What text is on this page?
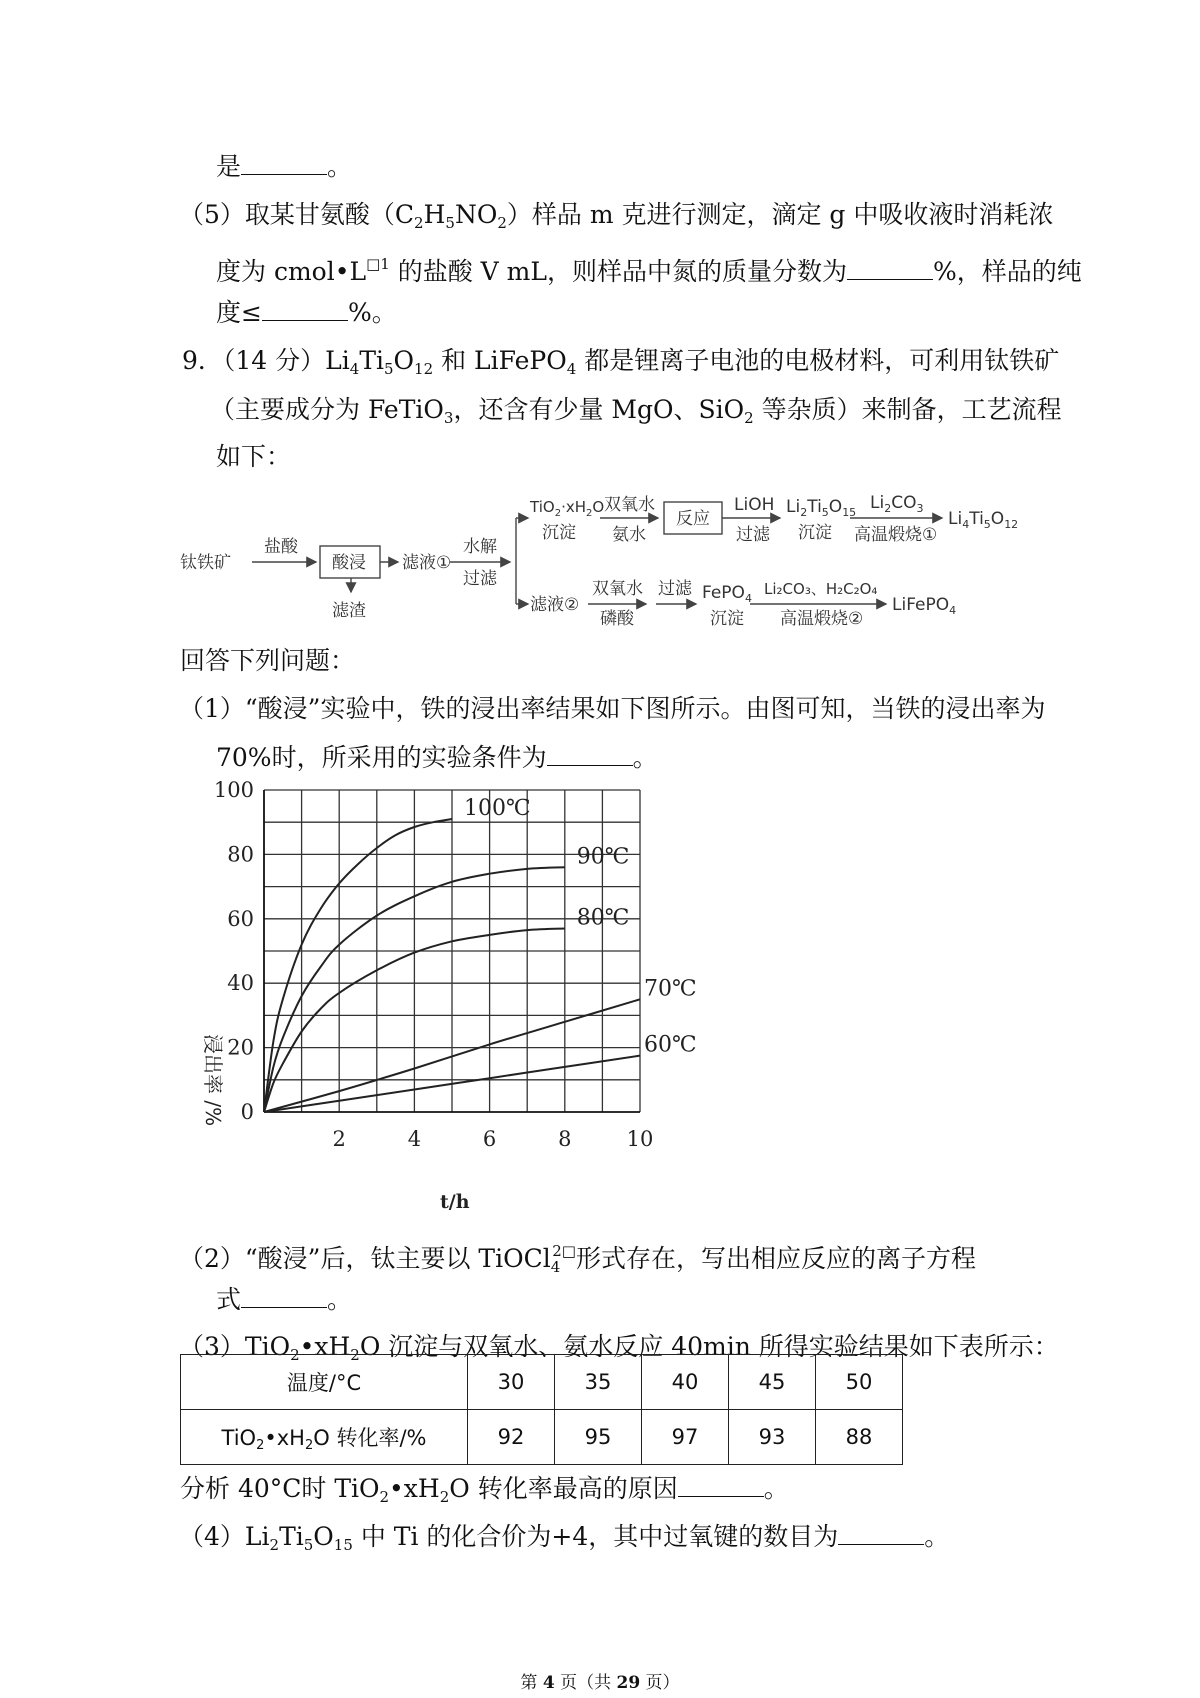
是	。
（5）取某甘氨酸$(C_2H_5NO_2)$样品 m 克进行测定，滴定 g 中吸收液时消耗浓
度为 $cmol•L^{□1}$ 的盐酸 V mL，则样品中氮的质量分数为	%，样品的纯
度≤	%。
9．（14 分）$Li_4Ti_5O_{12}$ 和 LiFePO$_4$ 都是锂离子电池的电极材料，可利用钛铁矿
（主要成分为 FeTiO$_3$，还含有少量 MgO、SiO$_2$ 等杂质）来制备，工艺流程
如下：
钛铁矿
盐酸
酸浸
滤渣
滤液①
水解
过滤
$TiO_2\cdot xH_2O$
沉淀
双氧水
氨水
反应
LiOH
过滤
$Li_2Ti_5O_{15}$
沉淀
$Li_2CO_3$
高温煅烧①
$Li_4Ti_5O_{12}$
滤液②
双氧水
磷酸
过滤 FePO$_4$
沉淀
Li₂CO₃、H₂C₂O₄
高温煅烧②
LiFePO$_4$
回答下列问题：
（1）“酸浸”实验中，铁的浸出率结果如下图所示。由图可知，当铁的浸出率为
70%时，所采用的实验条件为	。
0
20
40
60
80
100
2	4	6	8	10
100℃
90℃
80℃
70℃
60℃
t/h
浸出率 /%
（2）“酸浸”后，钛主要以 TiOCl$_4^{2□}$形式存在，写出相应反应的离子方程
式	。
$(3)TiO_2•xH_2O$ 沉淀与双氧水、氨水反应 40min 所得实验结果如下表所示：
温度/°C	30	35	40	45	50
$TiO_2•xH_2O$ 转化率/%	92	95	97	93	88
分析 40°C时 $TiO_2•xH_2O$ 转化率最高的原因	。
$(4)Li_2Ti_5O_{15}$ 中 Ti 的化合价为+4，其中过氧键的数目为	。
第 4 页（共 29 页）
